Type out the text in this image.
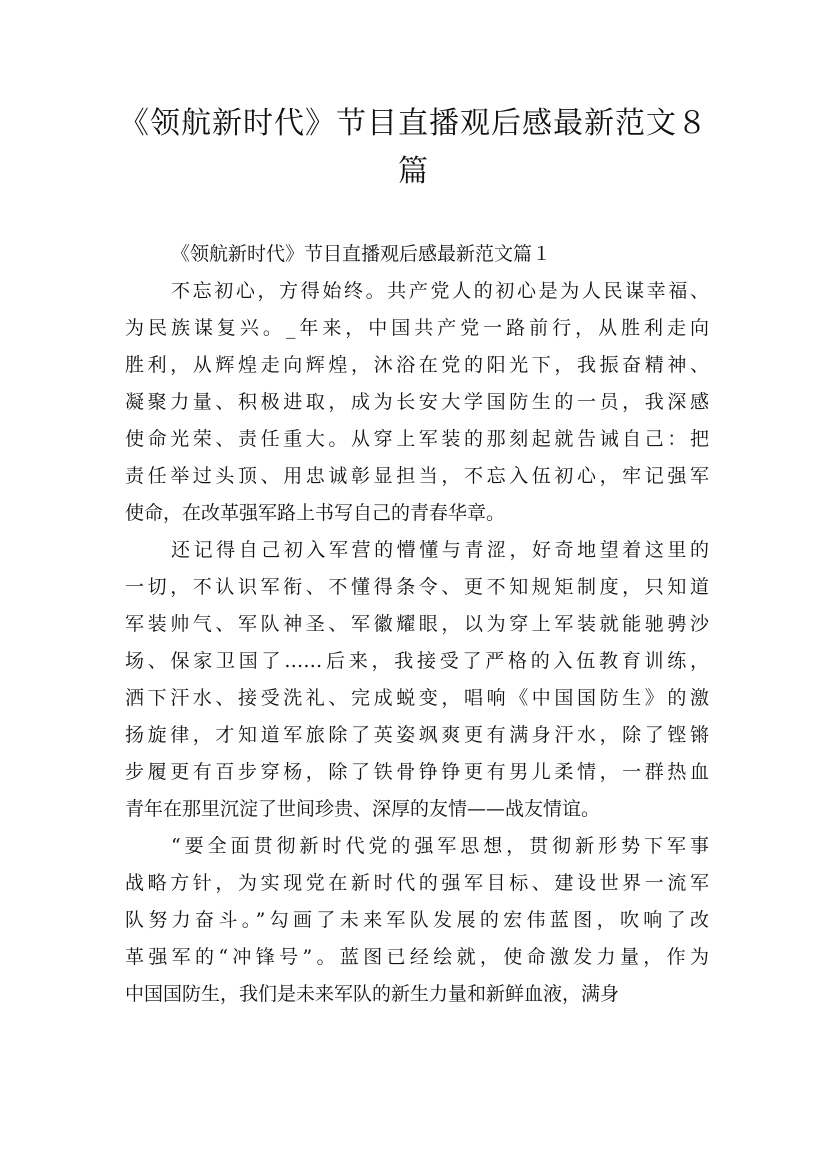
《领航新时代》节目直播观后感最新范文８
篇
《领航新时代》节目直播观后感最新范文篇１

不忘初心，方得始终。共产党人的初心是为人民谋幸福、
为民族谋复兴。_年来，中国共产党一路前行，从胜利走向
胜利，从辉煌走向辉煌，沐浴在党的阳光下，我振奋精神、
凝聚力量、积极进取，成为长安大学国防生的一员，我深感
使命光荣、责任重大。从穿上军装的那刻起就告诫自己：把
责任举过头顶、用忠诚彰显担当，不忘入伍初心，牢记强军
使命，在改革强军路上书写自己的青春华章。

还记得自己初入军营的懵懂与青涩，好奇地望着这里的
一切，不认识军衔、不懂得条令、更不知规矩制度，只知道
军装帅气、军队神圣、军徽耀眼，以为穿上军装就能驰骋沙
场、保家卫国了……后来，我接受了严格的入伍教育训练，
洒下汗水、接受洗礼、完成蜕变，唱响《中国国防生》的激
扬旋律，才知道军旅除了英姿飒爽更有满身汗水，除了铿锵
步履更有百步穿杨，除了铁骨铮铮更有男儿柔情，一群热血
青年在那里沉淀了世间珍贵、深厚的友情——战友情谊。

“要全面贯彻新时代党的强军思想，贯彻新形势下军事
战略方针，为实现党在新时代的强军目标、建设世界一流军
队努力奋斗。”勾画了未来军队发展的宏伟蓝图，吹响了改
革强军的“冲锋号”。蓝图已经绘就，使命激发力量，作为
中国国防生，我们是未来军队的新生力量和新鲜血液，满身
